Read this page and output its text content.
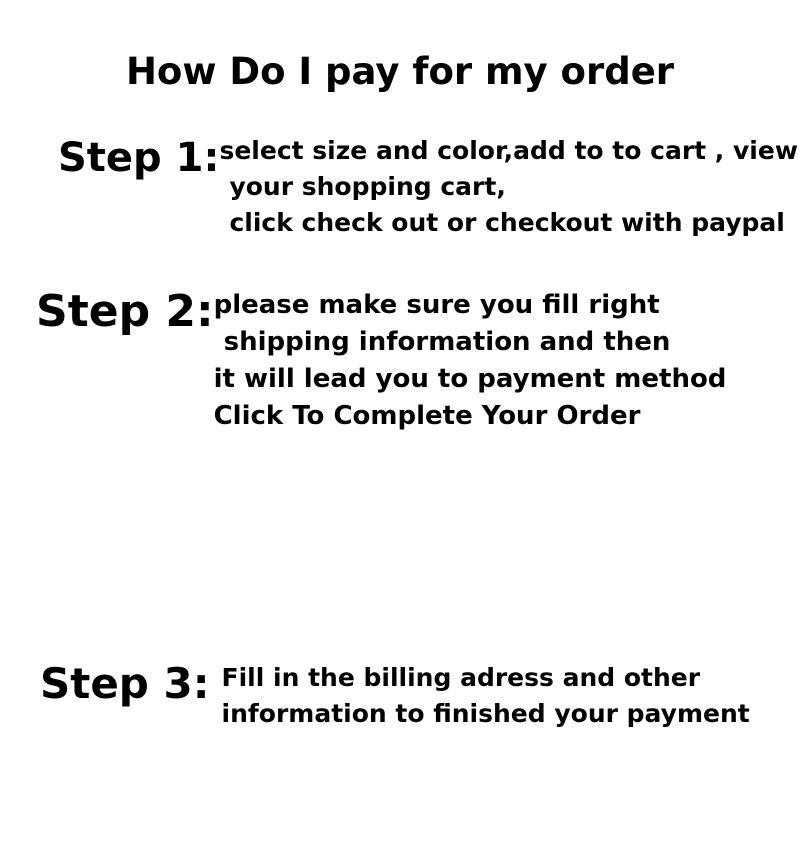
How Do I pay for my order
Step 1: select size and color,add to to cart , view
your shopping cart,
click check out or checkout with paypal
Step 2: please make sure you fill right
shipping information and then
it will lead you to payment method
Click To Complete Your Order
Step 3: Fill in the billing adress and other
information to finished your payment
